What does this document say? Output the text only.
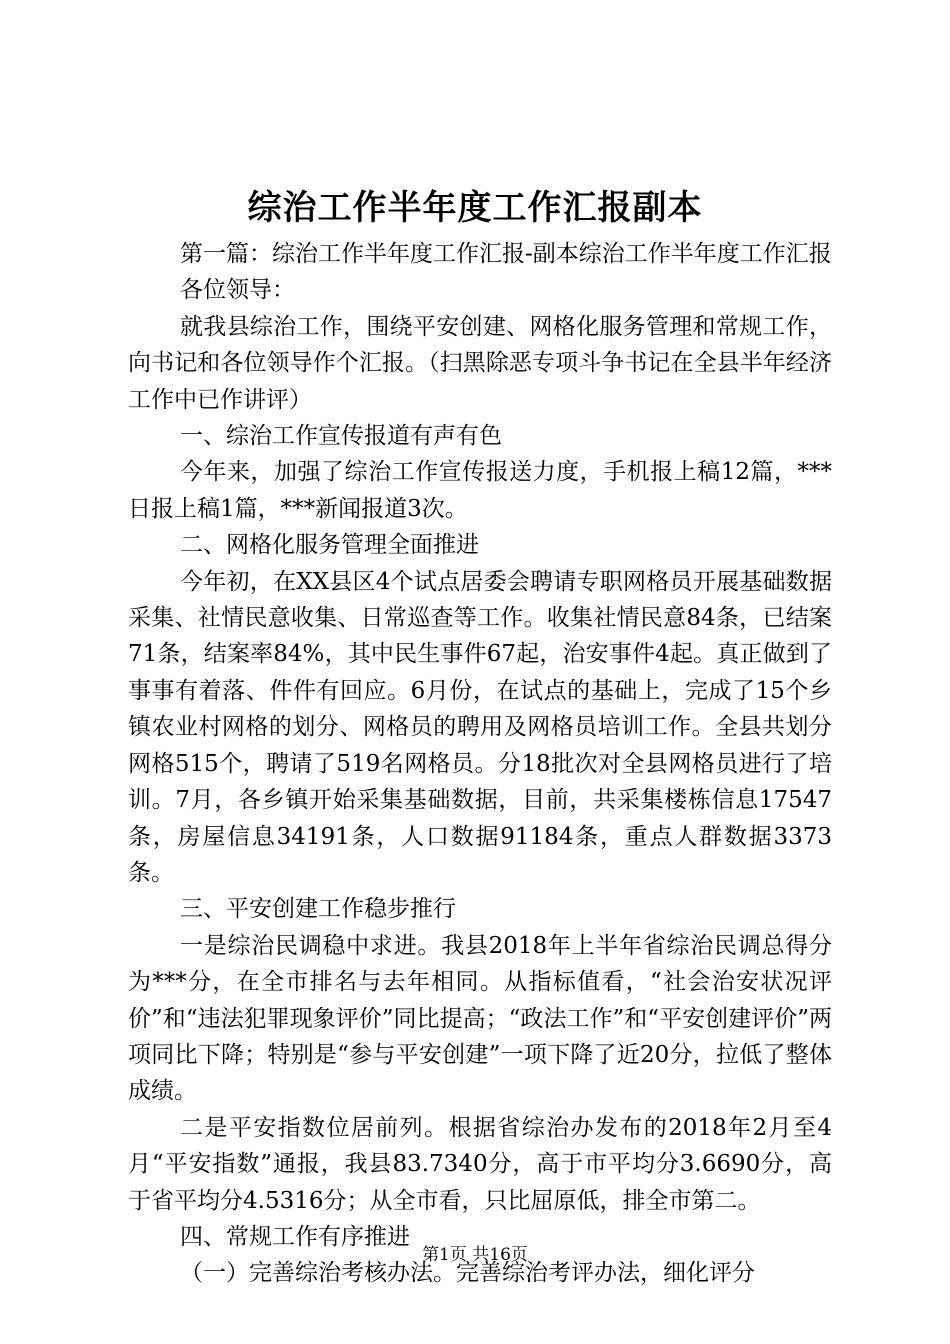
综治工作半年度工作汇报副本

第一篇：综治工作半年度工作汇报-副本综治工作半年度工作汇报

各位领导：

就我县综治工作，围绕平安创建、网格化服务管理和常规工作，向书记和各位领导作个汇报。（扫黑除恶专项斗争书记在全县半年经济工作中已作讲评）

一、综治工作宣传报道有声有色

今年来，加强了综治工作宣传报送力度，手机报上稿12篇，***日报上稿1篇，***新闻报道3次。

二、网格化服务管理全面推进

今年初，在XX县区4个试点居委会聘请专职网格员开展基础数据采集、社情民意收集、日常巡查等工作。收集社情民意84条，已结案71条，结案率84%，其中民生事件67起，治安事件4起。真正做到了事事有着落、件件有回应。6月份，在试点的基础上，完成了15个乡镇农业村网格的划分、网格员的聘用及网格员培训工作。全县共划分网格515个，聘请了519名网格员。分18批次对全县网格员进行了培训。7月，各乡镇开始采集基础数据，目前，共采集楼栋信息17547条，房屋信息34191条，人口数据91184条，重点人群数据3373条。

三、平安创建工作稳步推行

一是综治民调稳中求进。我县2018年上半年省综治民调总得分为***分，在全市排名与去年相同。从指标值看，“社会治安状况评价”和“违法犯罪现象评价”同比提高；“政法工作”和“平安创建评价”两项同比下降；特别是“参与平安创建”一项下降了近20分，拉低了整体成绩。

二是平安指数位居前列。根据省综治办发布的2018年2月至4月“平安指数”通报，我县83.7340分，高于市平均分3.6690分，高于省平均分4.5316分；从全市看，只比屈原低，排全市第二。

四、常规工作有序推进

（一）完善综治考核办法。完善综治考评办法，细化评分

第1页 共16页
